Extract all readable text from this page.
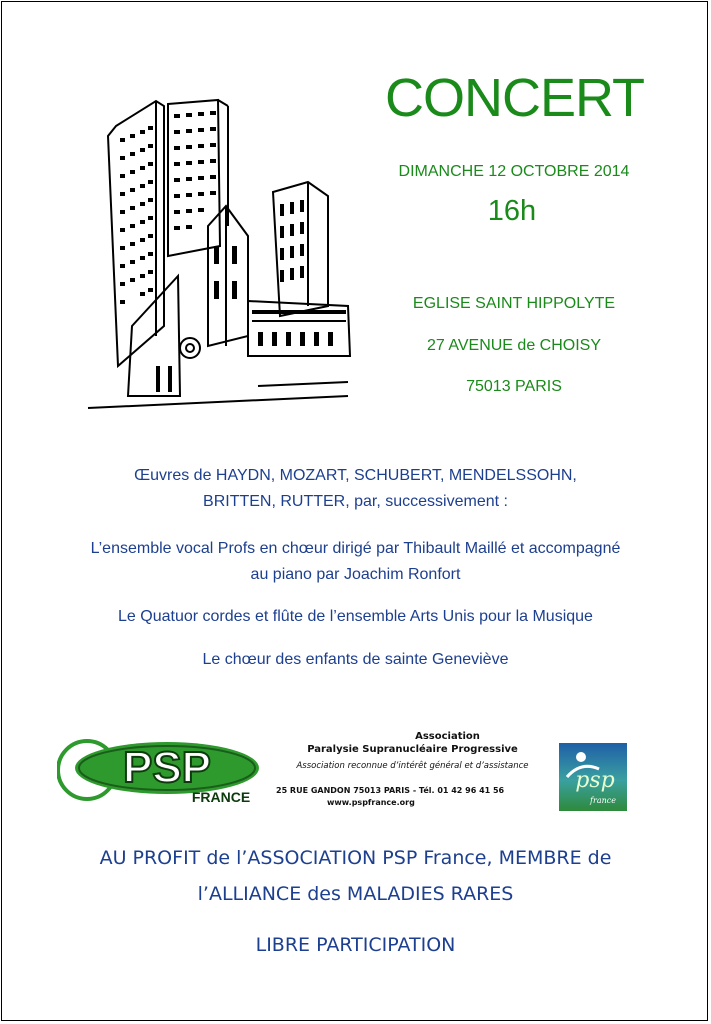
CONCERT
DIMANCHE 12 OCTOBRE 2014
16h
EGLISE SAINT HIPPOLYTE
27 AVENUE de CHOISY
75013 PARIS
Œuvres de HAYDN, MOZART, SCHUBERT, MENDELSSOHN,
BRITTEN, RUTTER, par, successivement :
L’ensemble vocal Profs en chœur dirigé par Thibault Maillé et accompagné
au piano par Joachim Ronfort
Le Quatuor cordes et flûte de l’ensemble Arts Unis pour la Musique
Le chœur des enfants de sainte Geneviève
PSP
FRANCE
Association
Paralysie Supranucléaire Progressive
Association reconnue d’intérêt général et d’assistance
25 RUE GANDON 75013 PARIS - Tél. 01 42 96 41 56
www.pspfrance.org
psp
france
AU PROFIT de l’ASSOCIATION PSP France, MEMBRE de
l’ALLIANCE des MALADIES RARES
LIBRE PARTICIPATION
